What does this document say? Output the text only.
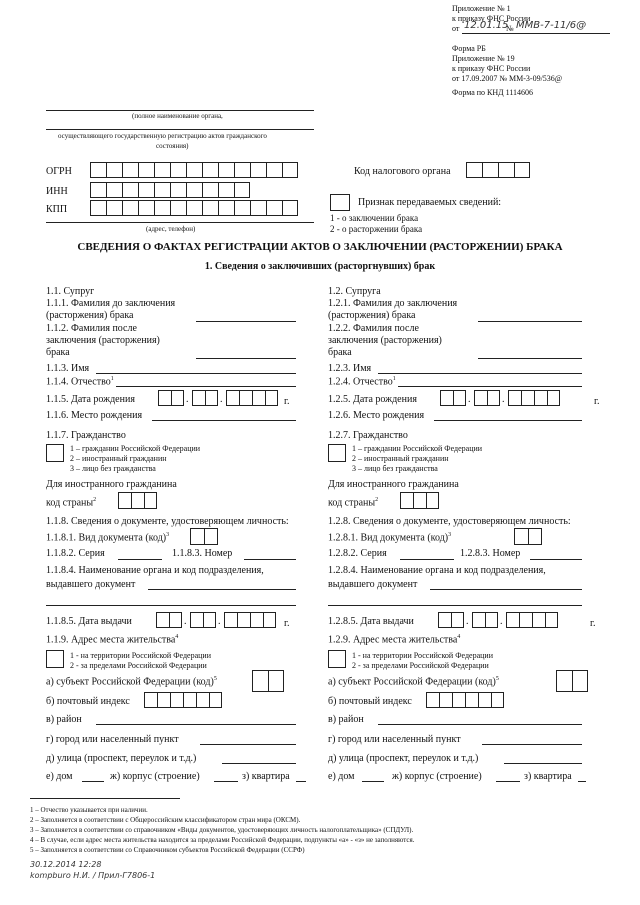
Приложение № 1
к приказу ФНС России
от 12.01.15
№ ММВ-7-11/6@
Форма РБ
Приложение № 19
к приказу ФНС России
от 17.09.2007 № ММ-3-09/536@
Форма по КНД 1114606
(полное наименование органа,
осуществляющего государственную регистрацию актов гражданского
состояния)
ОГРН
ИНН
КПП
(адрес, телефон)
Код налогового органа
Признак передаваемых сведений:
1 - о заключении брака
2 - о расторжении брака
СВЕДЕНИЯ О ФАКТАХ РЕГИСТРАЦИИ АКТОВ О ЗАКЛЮЧЕНИИ (РАСТОРЖЕНИИ) БРАКА
1. Сведения о заключивших (расторгнувших) брак
1.1. Супруг
1.1.1. Фамилия до заключения
(расторжения) брака
1.1.2. Фамилия после
заключения (расторжения)
брака
1.1.3. Имя
1.1.4. Отчество$^1$
1.1.5. Дата рождения	.	.	г.
1.1.6. Место рождения
1.1.7. Гражданство
1 – гражданин Российской Федерации
2 – иностранный гражданин
3 – лицо без гражданства
Для иностранного гражданина
код страны$^2$
1.1.8. Сведения о документе, удостоверяющем личность:
1.1.8.1. Вид документа (код)$^3$
1.1.8.2. Серия	1.1.8.3. Номер
1.1.8.4. Наименование органа и код подразделения,
выдавшего документ
1.1.8.5. Дата выдачи	.	.	г.
1.1.9. Адрес места жительства$^4$
1 - на территории Российской Федерации
2 - за пределами Российской Федерации
а) субъект Российской Федерации (код)$^5$
б) почтовый индекс
в) район
г) город или населенный пункт
д) улица (проспект, переулок и т.д.)
е) дом	ж) корпус (строение)	з) квартира
1.2. Супруга
1.2.1. Фамилия до заключения
(расторжения) брака
1.2.2. Фамилия после
заключения (расторжения)
брака
1.2.3. Имя
1.2.4. Отчество$^1$
1.2.5. Дата рождения	.	.	г.
1.2.6. Место рождения
1.2.7. Гражданство
1 – гражданин Российской Федерации
2 – иностранный гражданин
3 – лицо без гражданства
Для иностранного гражданина
код страны$^2$
1.2.8. Сведения о документе, удостоверяющем личность:
1.2.8.1. Вид документа (код)$^3$
1.2.8.2. Серия	1.2.8.3. Номер
1.2.8.4. Наименование органа и код подразделения,
выдавшего документ
1.2.8.5. Дата выдачи	.	.	г.
1.2.9. Адрес места жительства$^4$
1 - на территории Российской Федерации
2 - за пределами Российской Федерации
а) субъект Российской Федерации (код)$^5$
б) почтовый индекс
в) район
г) город или населенный пункт
д) улица (проспект, переулок и т.д.)
е) дом	ж) корпус (строение)	з) квартира
1 – Отчество указывается при наличии.
2 – Заполняется в соответствии с Общероссийским классификатором стран мира (ОКСМ).
3 – Заполняется в соответствии со справочником «Виды документов, удостоверяющих личность налогоплательщика» (СПДУЛ).
4 – В случае, если адрес места жительства находится за пределами Российской Федерации, подпункты «а» - «з» не заполняются.
5 – Заполняется в соответствии со Справочником субъектов Российской Федерации (ССРФ)
30.12.2014 12:28
kompburo Н.И. / Прил-Г7806-1
